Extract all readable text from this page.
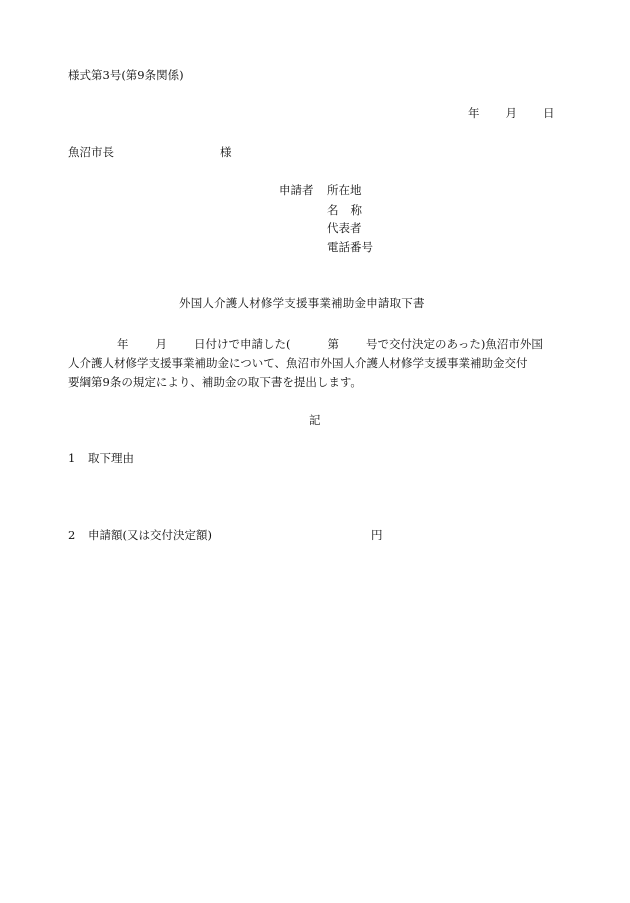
様式第3号(第9条関係)
年 月 日
魚沼市長	様
申請者 所在地
名 称
代表者
電話番号
外国人介護人材修学支援事業補助金申請取下書
年 月 日付けで申請した(	第 号で交付決定のあった)魚沼市外国
人介護人材修学支援事業補助金について、魚沼市外国人介護人材修学支援事業補助金交付
要綱第9条の規定により、補助金の取下書を提出します。
記
1 取下理由
2 申請額(又は交付決定額)	円
